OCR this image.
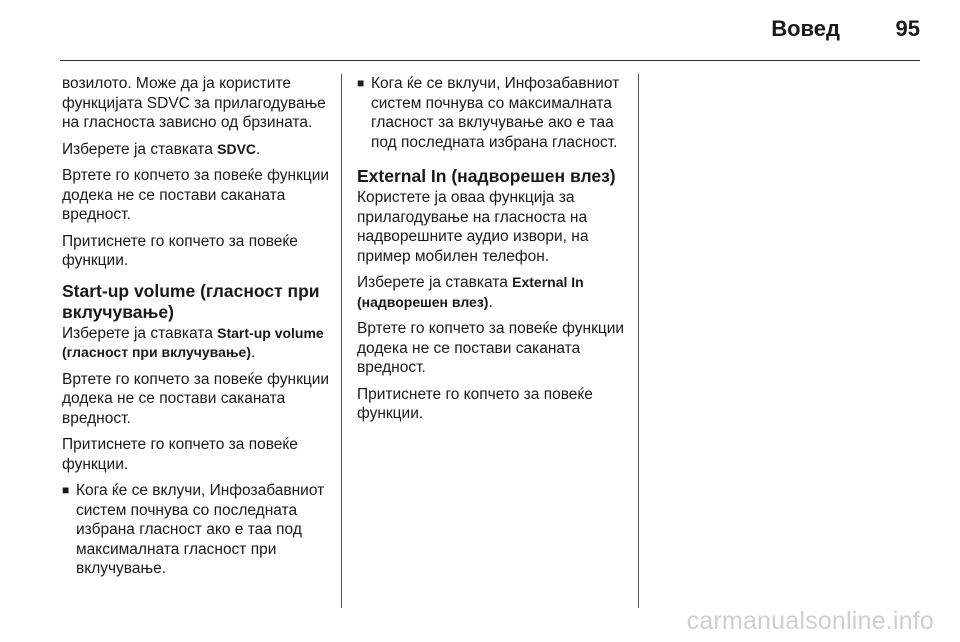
Вовед	95

возилото. Може да ја користите функцијата SDVC за прилагодување на гласноста зависно од брзината.

Изберете ја ставката SDVC.

Вртете го копчето за повеќе функции додека не се постави саканата вредност.

Притиснете го копчето за повеќе функции.

Start-up volume (гласност при вклучување)

Изберете ја ставката Start-up volume (гласност при вклучување).

Вртете го копчето за повеќе функции додека не се постави саканата вредност.

Притиснете го копчето за повеќе функции.

■ Кога ќе се вклучи, Инфозабавниот систем почнува со последната избрана гласност ако е таа под максималната гласност при вклучување.
■ Кога ќе се вклучи, Инфозабавниот систем почнува со максималната гласност за вклучување ако е таа под последната избрана гласност.
External In (надворешен влез)

Користете ја оваа функција за прилагодување на гласноста на надворешните аудио извори, на пример мобилен телефон.

Изберете ја ставката External In (надворешен влез).

Вртете го копчето за повеќе функции додека не се постави саканата вредност.

Притиснете го копчето за повеќе функции.

carmanualsonline.info
